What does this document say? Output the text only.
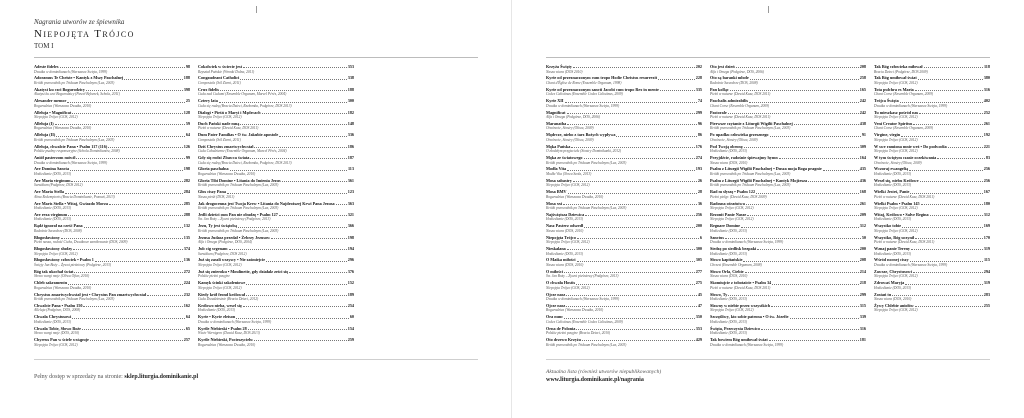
Nagrania utworów ze śpiewnika
Niepojęta Trójco
TOM I
Adeste fideles	98
Dwutka w dominikanach (Warszawa Święta, 1999)
Adoramus Te Christe • Kantyk z Mszy Paschalnej	188
Krótki przewodnik po Triduum Paschalnym (Lux, 2003)
Akatyst ku czci Bogurodzicy	398
Akatyst ku czci Bogurodzicy (Paweł Bębenek, Schola, 2011)
Alexander memor	25
Bogurodzica (Warszawa Dwutka, 2010)
Alleluja • Magnificat	128
Niepojęta Trójco (GOS, 2012)
Alleluja (I)	59
Bogurodzica (Warszawa Dwutka, 2010)
Alleluja (II)	64
Krótki przewodnik po Triduum Paschalnym (Lux, 2003)
Alleluja, chwalcie Pana • Psalm 117 (116)	126
Polskie psalmy responsoryjne (Schola Dominikanów, 2008)
Aniół pasterzom mówił	99
Dwutka w dominikanach (Warszawa Święta, 1999)
Ave Domina Sancta	198
Hodiedianie (DOS, 2013)
Ave Maria virginum	282
Sursidium (Podgórze, DOS 2012)
Ave Maria Stella	284
Alma Redemptoris (Bracia Dominikanie, Poznań, 2013)
Ave Maris Stella • Witaj, Gwiazdo Morza	285
Hodiedianie (DOS, 2013)
Ave rexa virginum	288
Hodiedianie (DOS, 2013)
Bądź ignorał na cześć Pana	132
Radośnie Szczodrze (DOS, 2008)
Błogosławiony	135
Pieśń nasza, radość Cicha, Dwutkowe zamiłowanie (DOS, 2009)
Błogosławiony słudzy	374
Niepojęta Trójco (GOS, 2012)
Błogosławiony człowiek • Psalm 1	136
Święty Jan Boży – Żywot pieśniowy (Podgórze, 2013)
Bóg tak ukochał świat	272
Słowo wargi moje (Oliwa Ofiar, 2010)
Chleb sakramentu	224
Bogurodzica (Warszawa Dwutka, 2010)
Chrystus zmartwychwstał jest • Chrystus Pan zmartwychwstał	232
Krótki przewodnik po Triduum Paschalnym (Lux, 2003)
Chwalcie Pana • Psalm 150	162
Alleluja (Podgórze, DOS, 2008)
Chwała Chrystusowi	64
Hodiedianie (DOS, 2013)
Chwała Tobie, Słowo Boże	65
Słowo wargi moje (DOS, 2010)
Chyrrus Pan w ściele wstąpuje	257
Niepojęta Trójco (GOS, 2012)
Cokolwiek w świecie jest	353
Rzyształ Pańskie (Wronki Dolna, 2011)
Congaudeant Catholici	338
Compostela (Sól Ziemi, 2011)
Crux fidelis	188
Cuda nad Cudami (Ensemble Organum, Marcel Pérès, 2004)
Cztery lata	300
Cuda się rodzą (Bracia Dzieci, Rzekomka, Podgórze, DOS 2013)
Dialogi • Pieśń o Maryi i Mędrcach	182
Niepojęta Trójco (GOS, 2012)
Duch Pański nade mną	148
Pieśń w naturze (Dawid Kusz, DOS 2011)
Dum Pater Familias • O św. Jakubie apostole	336
Compostela (Sól Ziemi, 2011)
Dziś Chrystus zmartwychwstał	186
Cuda Całodzienne (Ensemble Organum, Marcel Pérès, 2004)
Gdy się rodzi Zbawca świata	187
Cuda się rodzą (Bracia Dzieci, Rzekomka, Podgórze, DOS 2013)
Gloria paschalna	113
Bogurodzica (Warszawa Dwutka, 2010)
Gloria Tibi Domine • Litania do Imienia Jezus	361
Krótki przewodnik po Triduum Paschalnym (Lux, 2003)
Głos ciszy Pana	123
Nasza pieśń (DOS, 2011)
Jak drogocenna jest Twoja Krew • Litania do Najdroższej Krwi Pana Jezusa	363
Krótki przewodnik po Triduum Paschalnym (Lux, 2003)
Jedli dzieści osm Pan nie obudzę • Psalm 127	321
Św. Jan Boży – Żywot pieśniowy (Podgórze, 2013)
Jezu, Ty jest świątobą	366
Krótki przewodnik po Triduum Paschalnym (Lux, 2003)
Jezusa Judasz przedał • Żebrzy Jezusow	198
Alfa i Omega (Podgórze, DOS, 2004)
Jub cig svgenam	194
Sursidium (Podgórze, DOS 2012)
Już się zaszli wszyscy • Nie zaśmiejcie	296
Niepojęta Trójco (GOS, 2012)
Już się znieroku • Moulinetie, gdy działalz ześci się	376
Polskie pieśni pasyjne
Kamyk ścinki szkoleniowe	152
Niepojęta Trójco (GOS, 2012)
Kiedy krół frond królował	189
Cuda Dwudziestnie (Bracia Dzieci, 2012)
Królowo nieba, wesel się	254
Hodiedianie (DOS, 2013)
Kyrie • Kyrie eleison	60
Dwutka w dominikanach (Warszawa Święta, 1999)
Kyrile Niebieski • Psalm 28	154
Wieże Wernigero (Dawid Kusz, DOS 2013)
Kyrile Niebieski, Pocieszycielu	259
Bogurodzica (Warszawa Dwutka, 2010)
Pełny dostęp w sprzedaży na stronie: sklep.liturgia.dominikanie.pl
Krzyża Święty	202
Nasza wiara (DOS 2010)
Kyrie od przeznaczonym cum tropo Hodie Christus resurrexit	228
Chant d'Église de Rome (Ensemble Organum, 1998)
Kyrie od przeznaczonym sancti Jacobi cum tropo Rex in mente	335
Codex Calixtinus (Ensemble Codex Calixtinus, 2009)
Kyrie XII	74
Dwutka w dominikanach (Warszawa Święta, 1999)
Magnificat	299
Alfa i Omega (Podgórze, DOS, 2006)
Maranatha	96
Otwórzcie, Siostry (Oliwa, 2009)
Mędrcze, niebo z tarz Bożych wypływa	86
Otwórzcie, Siostry (Oliwa, 2009)
Męka Pańska	176
O zbolałym przyjacielu (Siostry Dominikanki, 2012)
Męka ze światowego	274
Krótki przewodnik po Triduum Paschalnym (Lux, 2003)
Modła Vita	193
Modła Vita (Nowa Szola, 2013)
Mosa sabastry	26
Niepojęta Trójco (GOS, 2012)
Mosa BMV	28
Bogurodzica (Warszawa Dwutka, 2010)
Mosa xxi	36
Krótki przewodnik po Triduum Paschalnym (Lux, 2003)
Najświętsza Dziewica	256
Hodiedianie (DOS, 2013)
Nasz Pasterz odszedł	200
Nasza wiara (DOS, 2010)
Niepojęta Trójco	6
Niepojęta Trójco (GOS, 2012)
Nieskalana	300
Hodiedianie (DOS, 2013)
O Maika miłości	305
Nasza wiara (DOS, 2010)
O miłości	277
Św. Jan Boży – Żywot pieśniowy (Podgórze, 2013)
O chwała Hostis	275
Niepojęta Trójco (GOS, 2012)
Ojcze nasz	45
Dwutka w dominikanach (Warszawa Święta, 1999)
Ojcze nasz	47
Bogurodzica (Warszawa Dwutka, 2010)
Ora nunc	350
Codex Calixtinus (Ensemble Codex Calixtinus, 2009)
Orna de Polonia	353
Polskie pieśni pasyjne (Bracia Dzieci, 2010)
Oto drzewo Krzyża	429
Krótki przewodnik po Triduum Paschalnym (Lux, 2003)
Oto jest dzień	208
Alfa i Omega (Podgórze, DOS, 2006)
Oto są baranki młode	258
Radośnie Szczodrze (DOS, 2008)
Pan kolląc	165
Pieśń w naturze (Dawid Kusz, DOS 2011)
Paschalis admirabilis	242
Chant Corse (Ensemble Organum, 2009)
Pastorale	242
Pieśń w naturze (Dawid Kusz, DOS 2011)
Pierwsze czytanie z Liturgii Wigilii Paschalnej	438
Krótki przewodnik po Triduum Paschalnym (Lux, 2003)
Po upadku człowieka grzesznego	91
Otwórzcie, Siostry (Oliwa, 2009)
Pod Twoją obronę	309
Hodiedianie (DOS, 2013)
Przyjdźcie, radośnie śpiewajmy hymn	164
Nasza wiara (DOS, 2010)
Psalm z Liturgii Wigilii Paschalnej • Dusza moja Boga pragnie	435
Krótki przewodnik po Triduum Paschalnym (Lux, 2003)
Psalm z Liturgii Wigilii Paschalnej • Kantyk Mojżesza	436
Krótki przewodnik po Triduum Paschalnym (Lux, 2003)
Rad m słyszę • Psalm 122	168
Pieśni pielgr. (Dawid Kusz, DOS 2009)
Radosna ośraństwa	261
Niepojęta Trójco (GOS, 2012)
Rezonit Panie Nasze	209
Niepojęta Trójco (GOS, 2012)
Regnare Domine	312
Hodiedianie (DOS, 2013)
Sanctus	50
Dwutka w dominikanach (Warszawa Święta, 1999)
Siedzę po siedlisk bezpaki	200
Hodiedianie (DOS, 2013)
Słowo kapitańskie	208
Chrzest (Ensemble Organum, 2008)
Słowo Orla, Ciebie	214
Nasza wiara (DOS, 2010)
Skomiujcie z tobotaicie • Psalm 34	218
Pieśń w naturze (Dawid Kusz, DOS 2011)
Słowo, Ty	299
Hodiedianie (DOS, 2013)
Sławny w niebie przez wszystkich	315
Niepojęta Trójco (GOS, 2012)
Szczęśliwy, kto sobie patrona • O św. Józefie	339
Hodiedianie (DOS, 2013)
Święta, Przeczysta Dziewico	316
Hodiedianie (DOS, 2013)
Tak bowiem Bóg umiłował świat	181
Dwutka w dominikanach (Warszawa Święta, 1999)
Tak Bóg człowieka miłował	118
Bracia Dzieci (Podgórze, DOS 2009)
Tak Bóg umiłował świat	380
Niepojęta Trójco (GOS, 2012)
Tota pulchra es Maria	316
Chant Corse (Ensemble Organum, 2009)
Trójca Święta	402
Dwutka w dominikanach (Warszawa Święta, 1999)
Tu mieszkasz pośród nas	252
Niepojęta Trójco (GOS, 2012)
Veni Creator Spiritus	261
Chant Corse (Ensemble Organum, 2009)
Virgine, virgin	192
Niepojęta Trójco (GOS, 2012)
W swe ramiona mnie weź • Do podwodia	221
Niepojęta Trójco (GOS, 2012)
W tym świętym czasie oczekiwania	83
Otwórzcie, Siostry (Oliwa, 2009)
Wczoraj ewangelią	256
Hodiedianie (DOS, 2013)
Wesel się, niebu Królowe	256
Hodiedianie (DOS, 2013)
Wielki Jesteś, Panie	167
Pieśń w naturze (Dawid Kusz, DOS 2011)
Wielki Psalm • Psalm 145	180
Niepojęta Trójco (GOS, 2012)
Witaj, Królowo • Salve Regina	312
Hodiedianie (DOS, 2013)
Wszystko tobie	169
Niepojęta Trójco (GOS, 2012)
Wszystko, Bóg uczynił	170
Pieśń w naturze (Dawid Kusz, DOS 2011)
Wznaj panie Tereny	319
Hodiedianie (DOS, 2013)
Wśród nocnej ciszy	115
Dwutka w dominikanach (Warszawa Święta, 1999)
Zawsze, Chrystusowi	294
Niepojęta Trójco (GOS, 2012)
Zdrowaś Maryja	319
Hodiedianie (DOS, 2013)
Zostań tu	283
Nasza wiara (DOS, 2010)
Żywy Chlebie aniołów	255
Niepojęta Trójco (GOS, 2012)
Aktualna lista (również utworów niepublikowanych)
www.liturgia.dominikanie.pl/nagrania
